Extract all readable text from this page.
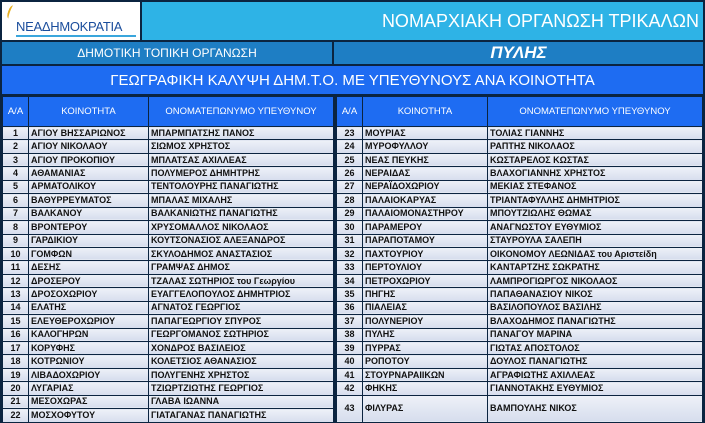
ΝΕΑΔΗΜΟΚΡΑΤΙΑ	ΝΟΜΑΡΧΙΑΚΗ ΟΡΓΑΝΩΣΗ ΤΡΙΚΑΛΩΝ
ΔΗΜΟΤΙΚΗ ΤΟΠΙΚΗ ΟΡΓΑΝΩΣΗ	ΠΥΛΗΣ
ΓΕΩΓΡΑΦΙΚΗ ΚΑΛΥΨΗ ΔΗΜ.Τ.Ο. ΜΕ ΥΠΕΥΘΥΝΟΥΣ ΑΝΑ ΚΟΙΝΟΤΗΤΑ
Α/Α	ΚΟΙΝΟΤΗΤΑ	ΟΝΟΜΑΤΕΠΩΝΥΜΟ ΥΠΕΥΘΥΝΟΥ		Α/Α	ΚΟΙΝΟΤΗΤΑ	ΟΝΟΜΑΤΕΠΩΝΥΜΟ ΥΠΕΥΘΥΝΟΥ
1	ΑΓΙΟΥ ΒΗΣΣΑΡΙΩΝΟΣ	ΜΠΑΡΜΠΑΤΣΗΣ ΠΑΝΟΣ		23	ΜΟΥΡΙΑΣ	ΤΟΛΙΑΣ ΓΙΑΝΝΗΣ
2	ΑΓΙΟΥ ΝΙΚΟΛΑΟΥ	ΣΙΩΜΟΣ ΧΡΗΣΤΟΣ		24	ΜΥΡΟΦΥΛΛΟΥ	ΡΑΠΤΗΣ ΝΙΚΟΛΑΟΣ
3	ΑΓΙΟΥ ΠΡΟΚΟΠΙΟΥ	ΜΠΛΑΤΣΑΣ ΑΧΙΛΛΕΑΣ		25	ΝΕΑΣ ΠΕΥΚΗΣ	ΚΩΣΤΑΡΕΛΟΣ ΚΩΣΤΑΣ
4	ΑΘΑΜΑΝΙΑΣ	ΠΟΛΥΜΕΡΟΣ ΔΗΜΗΤΡΗΣ		26	ΝΕΡΑΙΔΑΣ	ΒΛΑΧΟΓΙΑΝΝΗΣ ΧΡΗΣΤΟΣ
5	ΑΡΜΑΤΟΛΙΚΟΥ	ΤΕΝΤΟΛΟΥΡΗΣ ΠΑΝΑΓΙΩΤΗΣ		27	ΝΕΡΑΪΔΟΧΩΡΙΟΥ	ΜΕΚΙΑΣ ΣΤΕΦΑΝΟΣ
6	ΒΑΘΥΡΡΕΥΜΑΤΟΣ	ΜΠΑΛΑΣ ΜΙΧΑΛΗΣ		28	ΠΑΛΑΙΟΚΑΡΥΑΣ	ΤΡΙΑΝΤΑΦΥΛΛΗΣ ΔΗΜΗΤΡΙΟΣ
7	ΒΑΛΚΑΝΟΥ	ΒΑΛΚΑΝΙΩΤΗΣ ΠΑΝΑΓΙΩΤΗΣ		29	ΠΑΛΑΙΟΜΟΝΑΣΤΗΡΟΥ	ΜΠΟΥΤΖΙΩΛΗΣ ΘΩΜΑΣ
8	ΒΡΟΝΤΕΡΟΥ	ΧΡΥΣΟΜΑΛΛΟΣ ΝΙΚΟΛΑΟΣ		30	ΠΑΡΑΜΕΡΟΥ	ΑΝΑΓΝΩΣΤΟΥ ΕΥΘΥΜΙΟΣ
9	ΓΑΡΔΙΚΙΟΥ	ΚΟΥΤΣΟΝΑΣΙΟΣ ΑΛΕΞΑΝΔΡΟΣ		31	ΠΑΡΑΠΟΤΑΜΟΥ	ΣΤΑΥΡΟΥΛΑ ΣΑΛΕΠΗ
10	ΓΟΜΦΩΝ	ΣΚΥΛΟΔΗΜΟΣ ΑΝΑΣΤΑΣΙΟΣ		32	ΠΑΧΤΟΥΡΙΟΥ	ΟΙΚΟΝΟΜΟΥ ΛΕΩΝΙΔΑΣ του Αριστείδη
11	ΔΕΣΗΣ	ΓΡΑΜΨΑΣ ΔΗΜΟΣ		33	ΠΕΡΤΟΥΛΙΟΥ	ΚΑΝΤΑΡΤΖΗΣ ΣΩΚΡΑΤΗΣ
12	ΔΡΟΣΕΡΟΥ	ΤΖΑΛΑΣ ΣΩΤΗΡΙΟΣ του Γεωργίου		34	ΠΕΤΡΟΧΩΡΙΟΥ	ΛΑΜΠΡΟΓΙΩΡΓΟΣ ΝΙΚΟΛΑΟΣ
13	ΔΡΟΣΟΧΩΡΙΟΥ	ΕΥΑΓΓΕΛΟΠΟΥΛΟΣ ΔΗΜΗΤΡΙΟΣ		35	ΠΗΓΗΣ	ΠΑΠΑΘΑΝΑΣΙΟΥ ΝΙΚΟΣ
14	ΕΛΑΤΗΣ	ΑΓΝΑΤΟΣ ΓΕΩΡΓΙΟΣ		36	ΠΙΑΛΕΙΑΣ	ΒΑΣΙΛΟΠΟΥΛΟΣ ΒΑΣΙΛΗΣ
15	ΕΛΕΥΘΕΡΟΧΩΡΙΟΥ	ΠΑΠΑΓΕΩΡΓΙΟΥ ΣΠΥΡΟΣ		37	ΠΟΛΥΝΕΡΙΟΥ	ΒΛΑΧΟΔΗΜΟΣ ΠΑΝΑΓΙΩΤΗΣ
16	ΚΑΛΟΓΗΡΩΝ	ΓΕΩΡΓΟΜΑΝΟΣ ΣΩΤΗΡΙΟΣ		38	ΠΥΛΗΣ	ΠΑΝΑΓΟΥ ΜΑΡΙΝΑ
17	ΚΟΡΥΦΗΣ	ΧΟΝΔΡΟΣ ΒΑΣΙΛΕΙΟΣ		39	ΠΥΡΡΑΣ	ΓΙΩΤΑΣ ΑΠΟΣΤΟΛΟΣ
18	ΚΟΤΡΩΝΙΟΥ	ΚΟΛΕΤΣΙΟΣ ΑΘΑΝΑΣΙΟΣ		40	ΡΟΠΟΤΟΥ	ΔΟΥΛΟΣ ΠΑΝΑΓΙΩΤΗΣ
19	ΛΙΒΑΔΟΧΩΡΙΟΥ	ΠΟΛΥΓΕΝΗΣ ΧΡΗΣΤΟΣ		41	ΣΤΟΥΡΝΑΡΑΙΙΚΩΝ	ΑΓΡΑΦΙΩΤΗΣ ΑΧΙΛΛΕΑΣ
20	ΛΥΓΑΡΙΑΣ	ΤΖΙΩΡΤΖΙΩΤΗΣ ΓΕΩΡΓΙΟΣ		42	ΦΗΚΗΣ	ΓΙΑΝΝΟΤΑΚΗΣ ΕΥΘΥΜΙΟΣ
21	ΜΕΣΟΧΩΡΑΣ	ΓΛΑΒΑ ΙΩΑΝΝΑ		43	ΦΙΛΥΡΑΣ	ΒΑΜΠΟΥΛΗΣ ΝΙΚΟΣ
22	ΜΟΣΧΟΦΥΤΟΥ	ΓΙΑΤΑΓΑΝΑΣ ΠΑΝΑΓΙΩΤΗΣ				
